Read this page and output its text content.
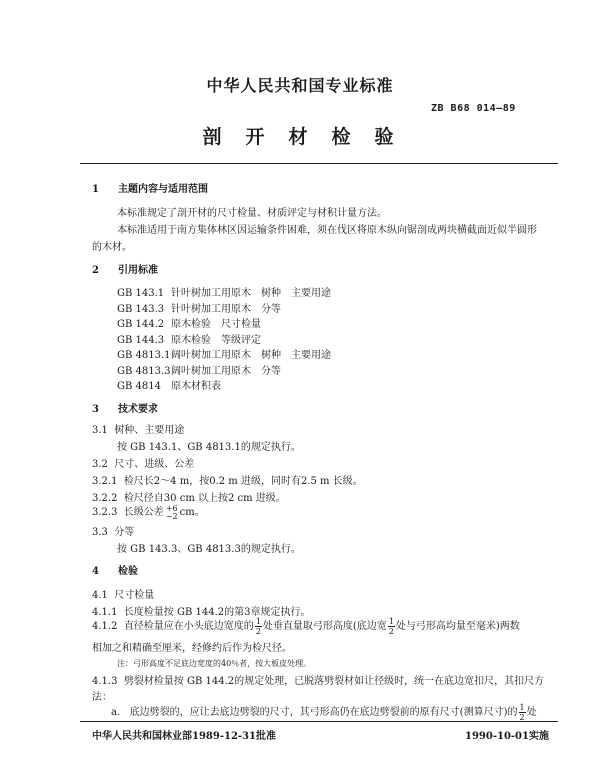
中华人民共和国专业标准
ZB B68 014—89
剖开材检验
1 主题内容与适用范围
本标准规定了剖开材的尺寸检量、材质评定与材积计量方法。
本标准适用于南方集体林区因运输条件困难，须在伐区将原木纵向锯剖成两块横截面近似半圆形
的木材。
2 引用标准
GB 143.1 针叶树加工用原木　树种　主要用途
GB 143.3 针叶树加工用原木　分等
GB 144.2 原木检验　尺寸检量
GB 144.3 原木检验　等级评定
GB 4813.1阔叶树加工用原木　树种　主要用途
GB 4813.3阔叶树加工用原木　分等
GB 4814 原木材积表
3 技术要求
3.1 树种、主要用途
按 GB 143.1、GB 4813.1的规定执行。
3.2 尺寸、进级、公差
3.2.1 检尺长2～4 m，按0.2 m 进级，同时有2.5 m 长级。
3.2.2 检尺径自30 cm 以上按2 cm 进级。
3.2.3 长级公差 +6
−2 cm。
3.3 分等
按 GB 143.3、GB 4813.3的规定执行。
4 检验
4.1 尺寸检量
4.1.1 长度检量按 GB 144.2的第3章规定执行。
4.1.2 直径检量应在小头底边宽度的 $\frac{1}{2}$ 处垂直量取弓形高度(底边宽 $\frac{1}{2}$ 处与弓形高均量至毫米)两数
相加之和精确至厘米，经修约后作为检尺径。
注：弓形高度不足底边宽度的40％者，按大板皮处理。
4.1.3 劈裂材检量按 GB 144.2的规定处理，已脱落劈裂材如让径级时，统一在底边宽扣尺，其扣尺方
法：
a. 底边劈裂的，应让去底边劈裂的尺寸，其弓形高仍在底边劈裂前的原有尺寸(测算尺寸)的 $\frac{1}{2}$ 处
中华人民共和国林业部1989-12-31批准	1990-10-01实施
